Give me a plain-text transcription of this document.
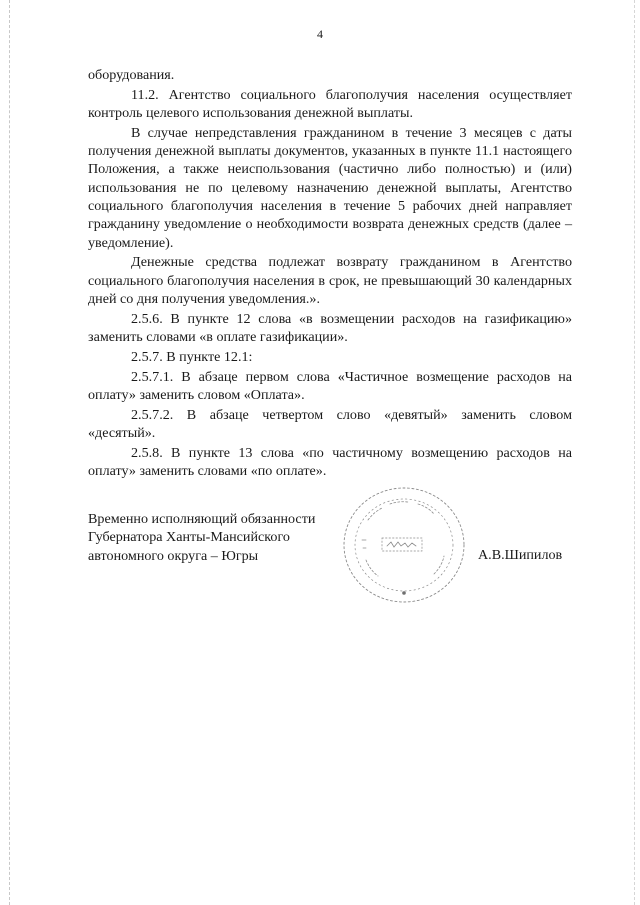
4

оборудования.

11.2. Агентство социального благополучия населения осуществляет контроль целевого использования денежной выплаты.

В случае непредставления гражданином в течение 3 месяцев с даты получения денежной выплаты документов, указанных в пункте 11.1 настоящего Положения, а также неиспользования (частично либо полностью) и (или) использования не по целевому назначению денежной выплаты, Агентство социального благополучия населения в течение 5 рабочих дней направляет гражданину уведомление о необходимости возврата денежных средств (далее – уведомление).

Денежные средства подлежат возврату гражданином в Агентство социального благополучия населения в срок, не превышающий 30 календарных дней со дня получения уведомления.».

2.5.6. В пункте 12 слова «в возмещении расходов на газификацию» заменить словами «в оплате газификации».

2.5.7. В пункте 12.1:

2.5.7.1. В абзаце первом слова «Частичное возмещение расходов на оплату» заменить словом «Оплата».

2.5.7.2. В абзаце четвертом слово «девятый» заменить словом «десятый».

2.5.8. В пункте 13 слова «по частичному возмещению расходов на оплату» заменить словами «по оплате».

Временно исполняющий обязанности
Губернатора Ханты-Мансийского
автономного округа – Югры	А.В.Шипилов
